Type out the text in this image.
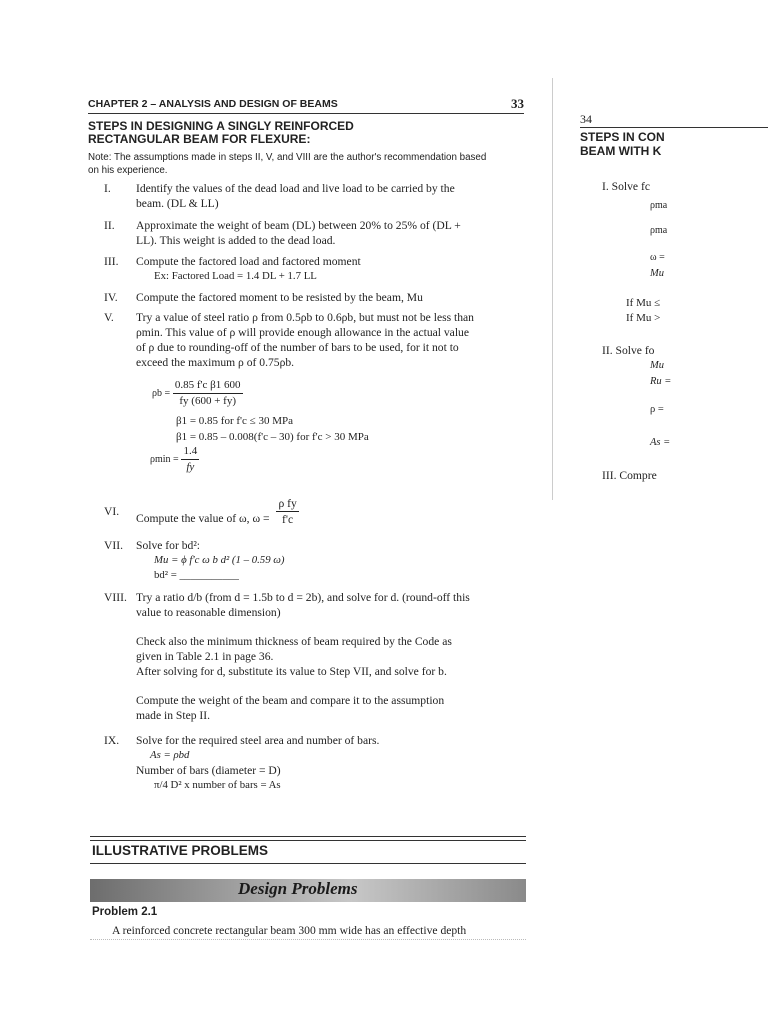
CHAPTER 2 – ANALYSIS AND DESIGN OF BEAMS	33
STEPS IN DESIGNING A SINGLY REINFORCED
RECTANGULAR BEAM FOR FLEXURE:
Note: The assumptions made in steps II, V, and VIII are the author's recommendation based
on his experience.
I. Identify the values of the dead load and live load to be carried by the
beam. (DL & LL)
II. Approximate the weight of beam (DL) between 20% to 25% of (DL +
LL). This weight is added to the dead load.
III. Compute the factored load and factored moment
Ex: Factored Load = 1.4 DL + 1.7 LL
IV. Compute the factored moment to be resisted by the beam, Mu
V. Try a value of steel ratio ρ from 0.5ρb to 0.6ρb, but must not be less than
ρmin. This value of ρ will provide enough allowance in the actual value
of ρ due to rounding-off of the number of bars to be used, for it not to
exceed the maximum ρ of 0.75ρb.
$\rho b = \frac{\text{0.85 f'c β1 600}}{fy (600 + fy)}$
β1 = 0.85 for f'c ≤ 30 MPa
β1 = 0.85 – 0.008(f'c – 30) for f'c > 30 MPa
$\rho\min = \frac{1.4}{fy}$
VI.
Compute the value of ω, $\omega = \frac{\text{ρ fy}}{f'c}$
VII. Solve for bd²:
Mu = ϕ f'c ω b d² (1 – 0.59 ω)
bd² = ___________
VIII. Try a ratio d/b (from d = 1.5b to d = 2b), and solve for d. (round-off this
value to reasonable dimension)
Check also the minimum thickness of beam required by the Code as
given in Table 2.1 in page 36.
After solving for d, substitute its value to Step VII, and solve for b.
Compute the weight of the beam and compare it to the assumption
made in Step II.
IX. Solve for the required steel area and number of bars.
As = ρbd
Number of bars (diameter = D)
π/4 D² x number of bars = As
34
STEPS IN CON
BEAM WITH K
I. Solve fc
ρma
ρma
ω =
Mu
If Mu ≤
If Mu >
II. Solve fo
Mu
Ru =
ρ =
As =
III. Compre
ILLUSTRATIVE PROBLEMS
Design Problems
Problem 2.1
A reinforced concrete rectangular beam 300 mm wide has an effective depth
